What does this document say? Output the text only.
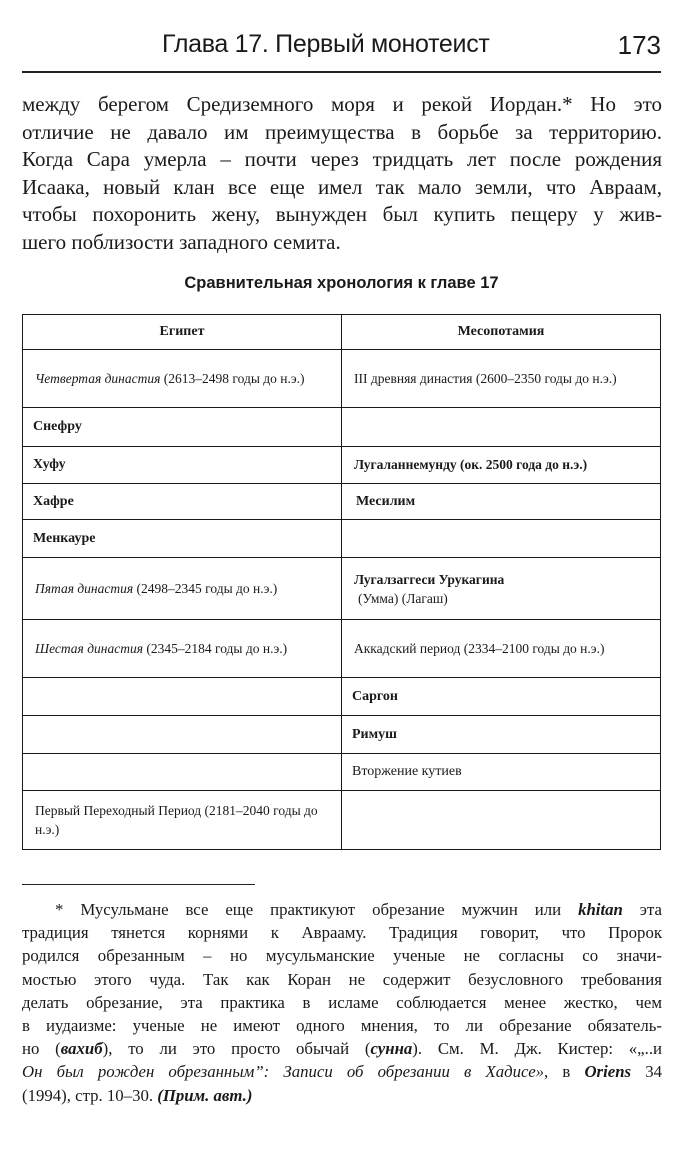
Глава 17. Первый монотеист	173
между берегом Средиземного моря и рекой Иордан.* Но это
отличие не давало им преимущества в борьбе за территорию.
Когда Сара умерла – почти через тридцать лет после рождения
Исаака, новый клан все еще имел так мало земли, что Авраам,
чтобы похоронить жену, вынужден был купить пещеру у жив-
шего поблизости западного семита.
Сравнительная хронология к главе 17
Египет	Месопотамия
Четвертая династия (2613–2498 годы до н.э.)	III древняя династия (2600–2350 годы до н.э.)
Снефру	
Хуфу	Лугаланнемунду (ок. 2500 года до н.э.)
Хафре	Месилим
Менкауре	
Пятая династия (2498–2345 годы до н.э.)	Лугалзаггеси Урукагина
(Умма) (Лагаш)
Шестая династия (2345–2184 годы до н.э.)	Аккадский период (2334–2100 годы до н.э.)
	Саргон
	Римуш
	Вторжение кутиев
Первый Переходный Период (2181–2040 годы до н.э.)	
* Мусульмане все еще практикуют обрезание мужчин или khitan эта
традиция тянется корнями к Аврааму. Традиция говорит, что Пророк
родился обрезанным – но мусульманские ученые не согласны со значи-
мостью этого чуда. Так как Коран не содержит безусловного требования
делать обрезание, эта практика в исламе соблюдается менее жестко, чем
в иудаизме: ученые не имеют одного мнения, то ли обрезание обязатель-
но (вахиб), то ли это просто обычай (сунна). См. М. Дж. Кистер: «„..и
Он был рожден обрезанным”: Записи об обрезании в Хадисе», в Oriens 34
(1994), стр. 10–30. (Прим. авт.)
